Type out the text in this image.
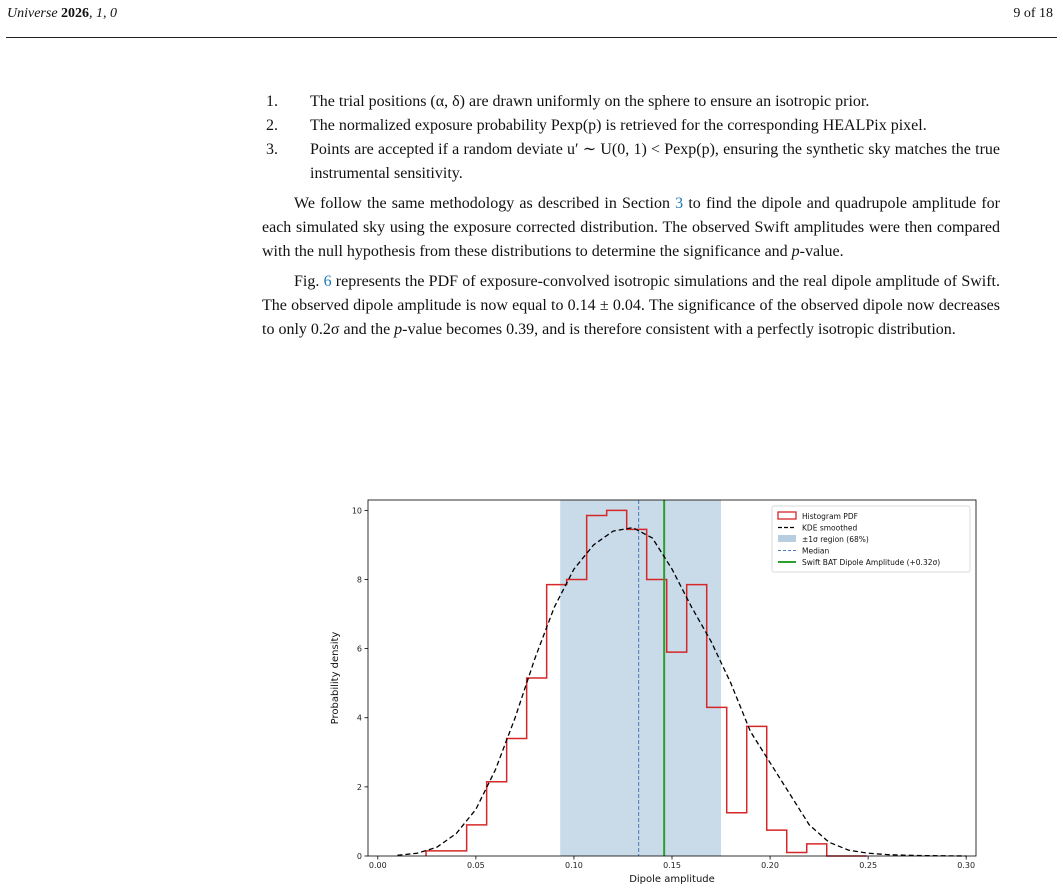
Universe 2026, 1, 0	9 of 18
1. The trial positions (α, δ) are drawn uniformly on the sphere to ensure an isotropic prior.
2. The normalized exposure probability Pexp(p) is retrieved for the corresponding HEALPix pixel.
3. Points are accepted if a random deviate u′ ∼ U(0, 1) < Pexp(p), ensuring the synthetic sky matches the true instrumental sensitivity.

We follow the same methodology as described in Section 3 to find the dipole and quadrupole amplitude for each simulated sky using the exposure corrected distribution. The observed Swift amplitudes were then compared with the null hypothesis from these distributions to determine the significance and p-value.

Fig. 6 represents the PDF of exposure-convolved isotropic simulations and the real dipole amplitude of Swift. The observed dipole amplitude is now equal to 0.14 ± 0.04. The significance of the observed dipole now decreases to only 0.2σ and the p-value becomes 0.39, and is therefore consistent with a perfectly isotropic distribution.

0.00	0.05	0.10	0.15	0.20	0.25	0.30
0
2
4
6
8
10
Dipole amplitude
Probability density
Histogram PDF
KDE smoothed
±1σ region (68%)
Median
Swift BAT Dipole Amplitude (+0.32σ)
